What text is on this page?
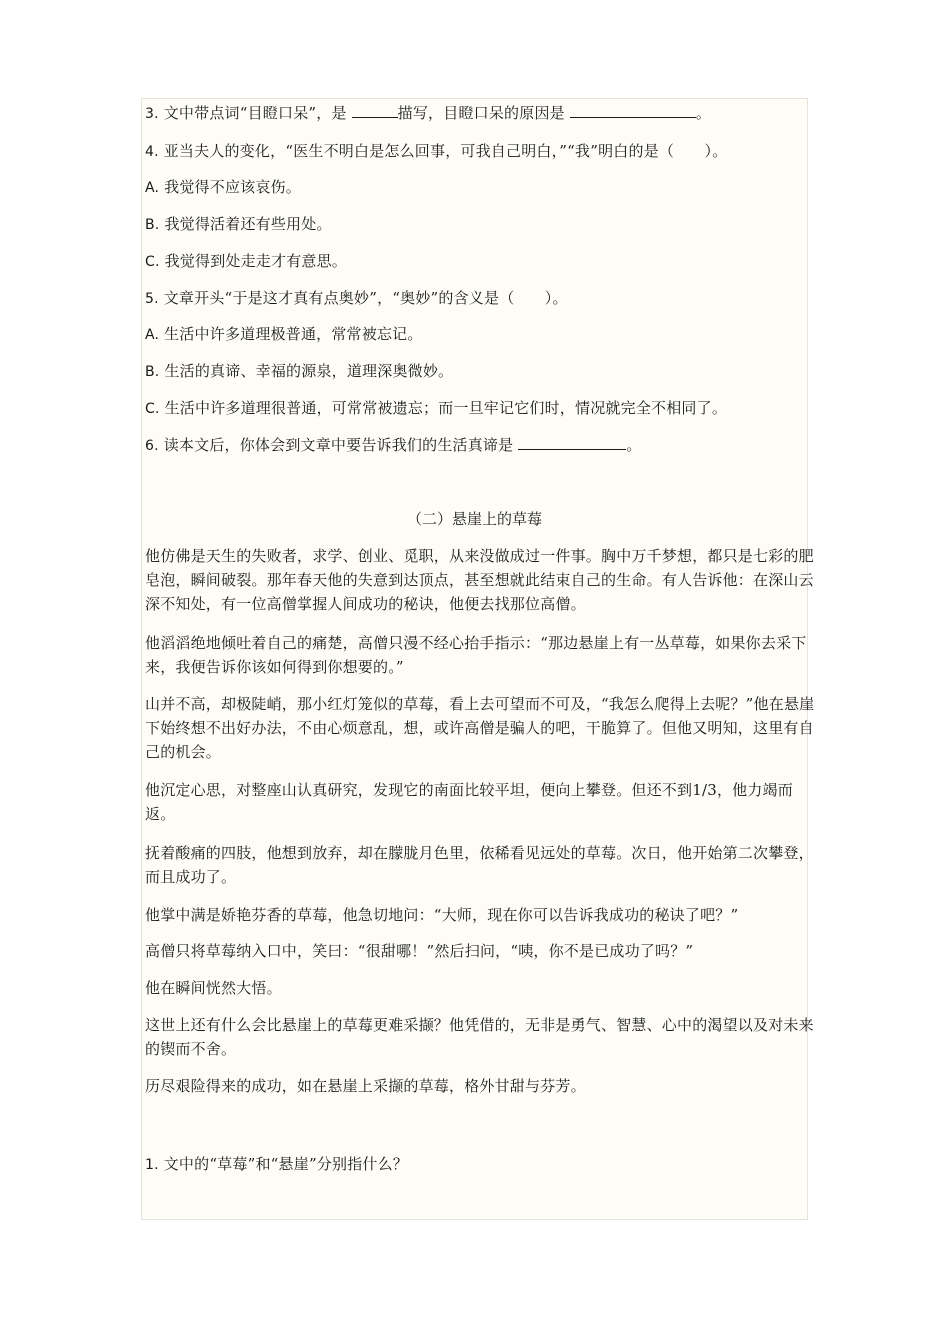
3. 文中带点词“目瞪口呆”，是	描写，目瞪口呆的原因是	。
4. 亚当夫人的变化，“医生不明白是怎么回事，可我自己明白，”“我”明白的是（　　）。
A. 我觉得不应该哀伤。
B. 我觉得活着还有些用处。
C. 我觉得到处走走才有意思。
5. 文章开头“于是这才真有点奥妙”，“奥妙”的含义是（　　）。
A. 生活中许多道理极普通，常常被忘记。
B. 生活的真谛、幸福的源泉，道理深奥微妙。
C. 生活中许多道理很普通，可常常被遗忘；而一旦牢记它们时，情况就完全不相同了。
6. 读本文后，你体会到文章中要告诉我们的生活真谛是	。
（二）悬崖上的草莓
他仿佛是天生的失败者，求学、创业、觅职，从来没做成过一件事。胸中万千梦想，都只是七彩的肥皂泡，瞬间破裂。那年春天他的失意到达顶点，甚至想就此结束自己的生命。有人告诉他：在深山云深不知处，有一位高僧掌握人间成功的秘诀，他便去找那位高僧。
他滔滔绝地倾吐着自己的痛楚，高僧只漫不经心抬手指示：“那边悬崖上有一丛草莓，如果你去采下来，我便告诉你该如何得到你想要的。”
山并不高，却极陡峭，那小红灯笼似的草莓，看上去可望而不可及，“我怎么爬得上去呢？”他在悬崖下始终想不出好办法，不由心烦意乱，想，或许高僧是骗人的吧，干脆算了。但他又明知，这里有自己的机会。
他沉定心思，对整座山认真研究，发现它的南面比较平坦，便向上攀登。但还不到1/3，他力竭而返。
抚着酸痛的四肢，他想到放弃，却在朦胧月色里，依稀看见远处的草莓。次日，他开始第二次攀登，而且成功了。
他掌中满是娇艳芬香的草莓，他急切地问：“大师，现在你可以告诉我成功的秘诀了吧？”
高僧只将草莓纳入口中，笑曰：“很甜哪！”然后扫问，“咦，你不是已成功了吗？”
他在瞬间恍然大悟。
这世上还有什么会比悬崖上的草莓更难采撷？他凭借的，无非是勇气、智慧、心中的渴望以及对未来的锲而不舍。
历尽艰险得来的成功，如在悬崖上采撷的草莓，格外甘甜与芬芳。
1. 文中的“草莓”和“悬崖”分别指什么？
